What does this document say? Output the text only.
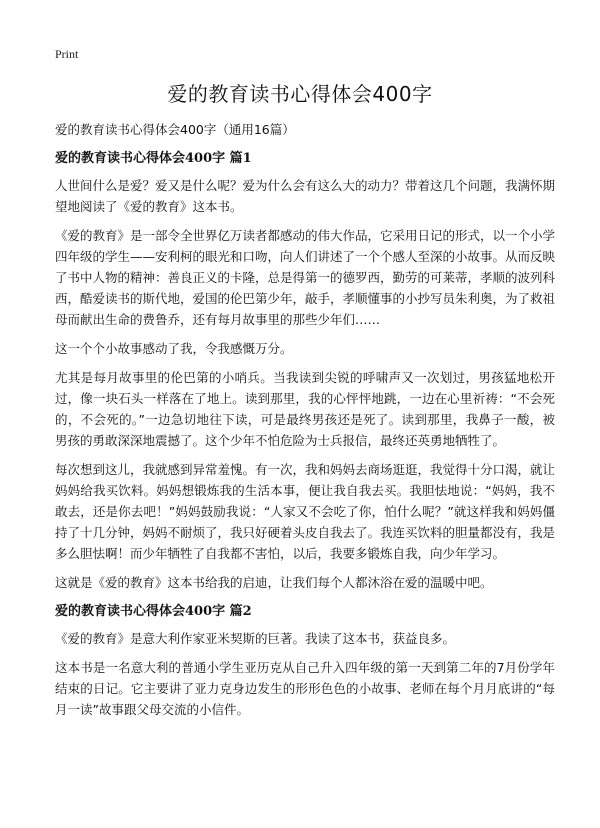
Print
爱的教育读书心得体会400字

爱的教育读书心得体会400字（通用16篇）

爱的教育读书心得体会400字 篇1

人世间什么是爱？爱又是什么呢？爱为什么会有这么大的动力？带着这几个问题，我满怀期望地阅读了《爱的教育》这本书。

《爱的教育》是一部令全世界亿万读者都感动的伟大作品，它采用日记的形式，以一个小学四年级的学生——安利柯的眼光和口吻，向人们讲述了一个个感人至深的小故事。从而反映了书中人物的精神：善良正义的卡隆，总是得第一的德罗西，勤劳的可莱蒂，孝顺的波列科西，酷爱读书的斯代地，爱国的伦巴第少年，敲手，孝顺懂事的小抄写员朱利奥，为了救祖母而献出生命的费鲁乔，还有每月故事里的那些少年们……

这一个个小故事感动了我，令我感慨万分。

尤其是每月故事里的伦巴第的小哨兵。当我读到尖锐的呼啸声又一次划过，男孩猛地松开过，像一块石头一样落在了地上。读到那里，我的心怦怦地跳，一边在心里祈祷：“不会死的，不会死的。”一边急切地往下读，可是最终男孩还是死了。读到那里，我鼻子一酸，被男孩的勇敢深深地震撼了。这个少年不怕危险为士兵报信，最终还英勇地牺牲了。

每次想到这儿，我就感到异常羞愧。有一次，我和妈妈去商场逛逛，我觉得十分口渴，就让妈妈给我买饮料。妈妈想锻炼我的生活本事，便让我自我去买。我胆怯地说：“妈妈，我不敢去，还是你去吧！”妈妈鼓励我说：“人家又不会吃了你，怕什么呢？”就这样我和妈妈僵持了十几分钟，妈妈不耐烦了，我只好硬着头皮自我去了。我连买饮料的胆量都没有，我是多么胆怯啊！而少年牺牲了自我都不害怕，以后，我要多锻炼自我，向少年学习。

这就是《爱的教育》这本书给我的启迪，让我们每个人都沐浴在爱的温暖中吧。

爱的教育读书心得体会400字 篇2

《爱的教育》是意大利作家亚米契斯的巨著。我读了这本书，获益良多。

这本书是一名意大利的普通小学生亚历克从自己升入四年级的第一天到第二年的7月份学年结束的日记。它主要讲了亚力克身边发生的形形色色的小故事、老师在每个月月底讲的“每月一读”故事跟父母交流的小信件。
